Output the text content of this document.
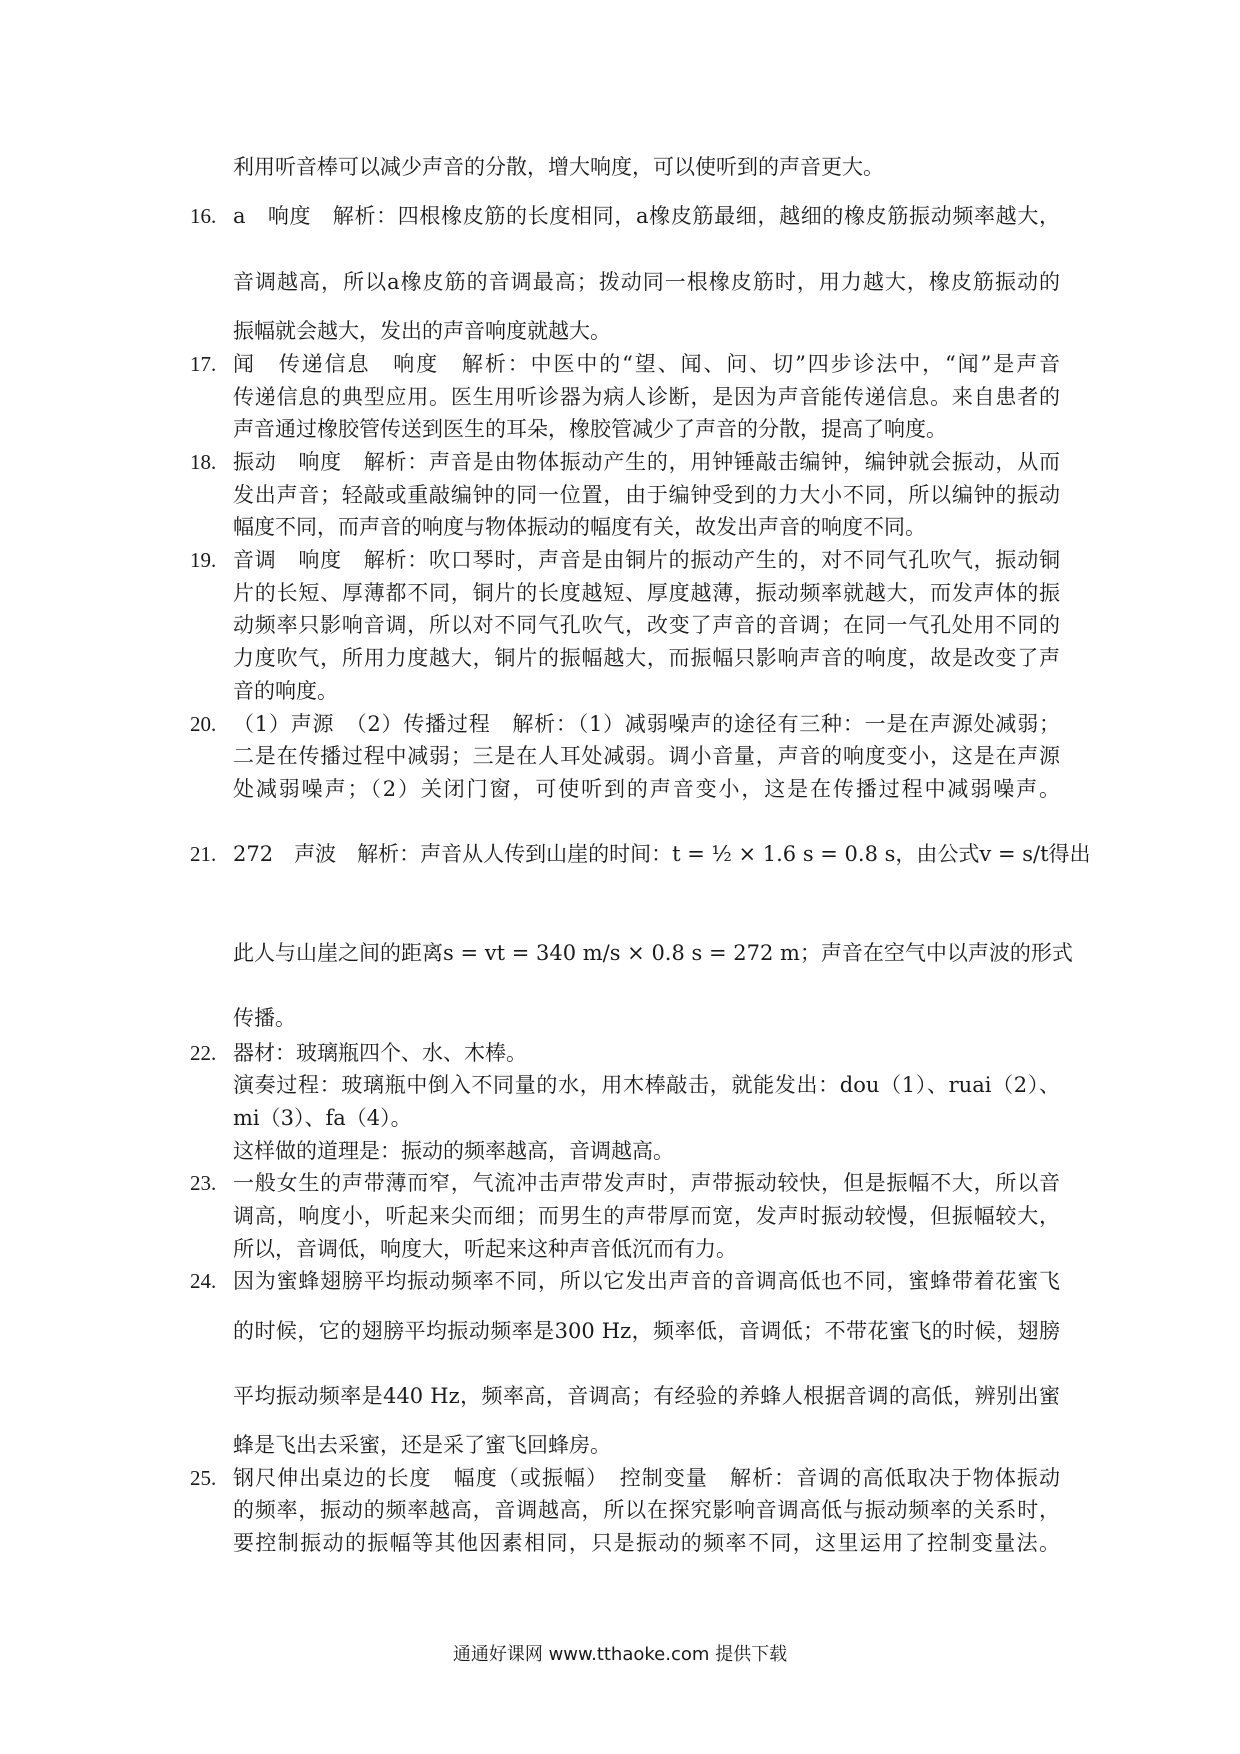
利用听音棒可以减少声音的分散，增大响度，可以使听到的声音更大。
16. a　响度　解析：四根橡皮筋的长度相同，a橡皮筋最细，越细的橡皮筋振动频率越大，
音调越高，所以a橡皮筋的音调最高；拨动同一根橡皮筋时，用力越大，橡皮筋振动的
振幅就会越大，发出的声音响度就越大。
17. 闻　传递信息　响度　解析：中医中的“望、闻、问、切”四步诊法中，“闻”是声音
传递信息的典型应用。医生用听诊器为病人诊断，是因为声音能传递信息。来自患者的
声音通过橡胶管传送到医生的耳朵，橡胶管减少了声音的分散，提高了响度。
18. 振动　响度　解析：声音是由物体振动产生的，用钟锤敲击编钟，编钟就会振动，从而
发出声音；轻敲或重敲编钟的同一位置，由于编钟受到的力大小不同，所以编钟的振动
幅度不同，而声音的响度与物体振动的幅度有关，故发出声音的响度不同。
19. 音调　响度　解析：吹口琴时，声音是由铜片的振动产生的，对不同气孔吹气，振动铜
片的长短、厚薄都不同，铜片的长度越短、厚度越薄，振动频率就越大，而发声体的振
动频率只影响音调，所以对不同气孔吹气，改变了声音的音调；在同一气孔处用不同的
力度吹气，所用力度越大，铜片的振幅越大，而振幅只影响声音的响度，故是改变了声
音的响度。
20. （1）声源　（2）传播过程　解析：（1）减弱噪声的途径有三种：一是在声源处减弱；
二是在传播过程中减弱；三是在人耳处减弱。调小音量，声音的响度变小，这是在声源
处减弱噪声；（2）关闭门窗，可使听到的声音变小，这是在传播过程中减弱噪声。
21. 272　声波　解析：声音从人传到山崖的时间：t = ½ × 1.6 s = 0.8 s，由公式v = s/t得出
此人与山崖之间的距离s = vt = 340 m/s × 0.8 s = 272 m；声音在空气中以声波的形式
传播。
22. 器材：玻璃瓶四个、水、木棒。
演奏过程：玻璃瓶中倒入不同量的水，用木棒敲击，就能发出：dou（1）、ruai（2）、
mi（3）、fa（4）。
这样做的道理是：振动的频率越高，音调越高。
23. 一般女生的声带薄而窄，气流冲击声带发声时，声带振动较快，但是振幅不大，所以音
调高，响度小，听起来尖而细；而男生的声带厚而宽，发声时振动较慢，但振幅较大，
所以，音调低，响度大，听起来这种声音低沉而有力。
24. 因为蜜蜂翅膀平均振动频率不同，所以它发出声音的音调高低也不同，蜜蜂带着花蜜飞
的时候，它的翅膀平均振动频率是300 Hz，频率低，音调低；不带花蜜飞的时候，翅膀
平均振动频率是440 Hz，频率高，音调高；有经验的养蜂人根据音调的高低，辨别出蜜
蜂是飞出去采蜜，还是采了蜜飞回蜂房。
25. 钢尺伸出桌边的长度　幅度（或振幅）　控制变量　解析：音调的高低取决于物体振动
的频率，振动的频率越高，音调越高，所以在探究影响音调高低与振动频率的关系时，
要控制振动的振幅等其他因素相同，只是振动的频率不同，这里运用了控制变量法。
通通好课网 www.tthaoke.com 提供下载
